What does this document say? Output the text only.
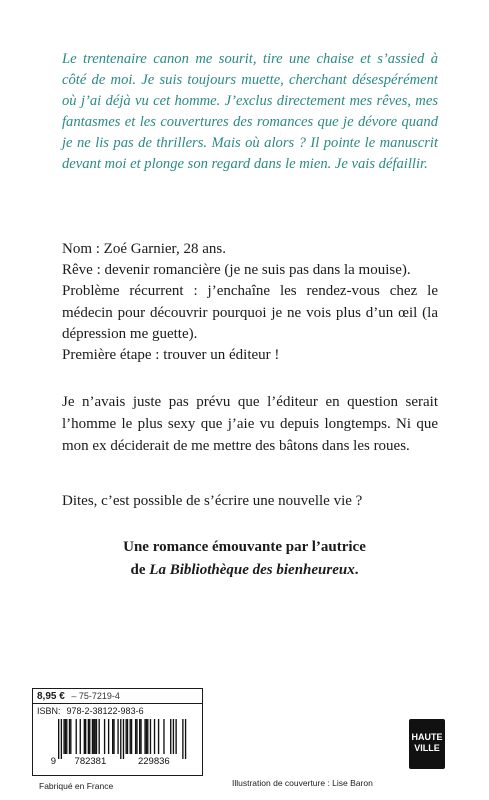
Le trentenaire canon me sourit, tire une chaise et s’assied à côté de moi. Je suis toujours muette, cherchant désespérément où j’ai déjà vu cet homme. J’exclus directement mes rêves, mes fantasmes et les couvertures des romances que je dévore quand je ne lis pas de thrillers. Mais où alors ? Il pointe le manuscrit devant moi et plonge son regard dans le mien. Je vais défaillir.

Nom : Zoé Garnier, 28 ans.

Rêve : devenir romancière (je ne suis pas dans la mouise).

Problème récurrent : j’enchaîne les rendez-vous chez le médecin pour découvrir pourquoi je ne vois plus d’un œil (la dépression me guette).

Première étape : trouver un éditeur !

Je n’avais juste pas prévu que l’éditeur en question serait l’homme le plus sexy que j’aie vu depuis longtemps. Ni que mon ex déciderait de me mettre des bâtons dans les roues.

Dites, c’est possible de s’écrire une nouvelle vie ?

Une romance émouvante par l’autrice

de La Bibliothèque des bienheureux.

8,95 € – 75-7219-4
ISBN: 978-2-38122-983-6
9 782381	229836
Fabriqué en France
HAUTE
VILLE
Illustration de couverture : Lise Baron
